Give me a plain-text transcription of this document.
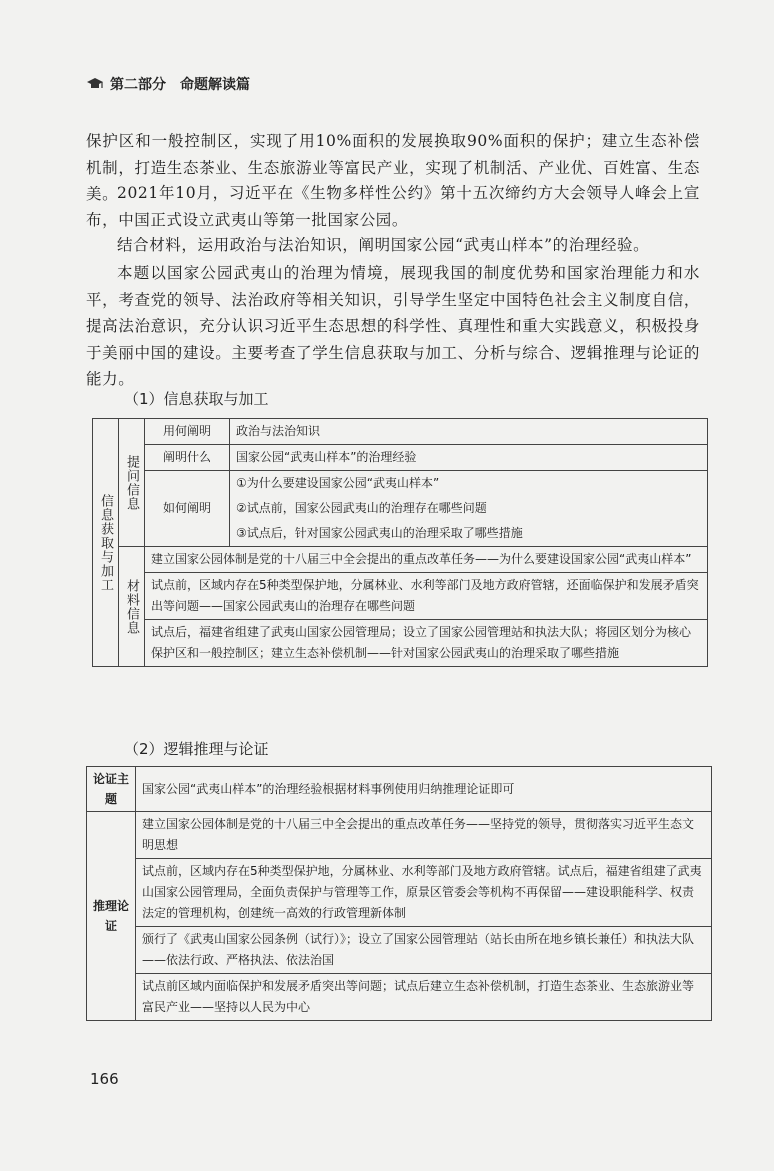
第二部分　命题解读篇

保护区和一般控制区，实现了用10%面积的发展换取90%面积的保护；建立生态补偿机制，打造生态茶业、生态旅游业等富民产业，实现了机制活、产业优、百姓富、生态美。

2021年10月，习近平在《生物多样性公约》第十五次缔约方大会领导人峰会上宣布，中国正式设立武夷山等第一批国家公园。

结合材料，运用政治与法治知识，阐明国家公园“武夷山样本”的治理经验。

本题以国家公园武夷山的治理为情境，展现我国的制度优势和国家治理能力和水平，考查党的领导、法治政府等相关知识，引导学生坚定中国特色社会主义制度自信，提高法治意识，充分认识习近平生态思想的科学性、真理性和重大实践意义，积极投身于美丽中国的建设。主要考查了学生信息获取与加工、分析与综合、逻辑推理与论证的能力。

（1）信息获取与加工
信息获取与加工	提问信息	用何阐明	政治与法治知识
		阐明什么	国家公园“武夷山样本”的治理经验
		如何阐明	①为什么要建设国家公园“武夷山样本”
			②试点前，国家公园武夷山的治理存在哪些问题
			③试点后，针对国家公园武夷山的治理采取了哪些措施
	材料信息	建立国家公园体制是党的十八届三中全会提出的重点改革任务——为什么要建设国家公园“武夷山样本”	
		试点前，区域内存在5种类型保护地，分属林业、水利等部门及地方政府管辖，还面临保护和发展矛盾突出等问题——国家公园武夷山的治理存在哪些问题	
		试点后，福建省组建了武夷山国家公园管理局；设立了国家公园管理站和执法大队；将园区划分为核心保护区和一般控制区；建立生态补偿机制——针对国家公园武夷山的治理采取了哪些措施	
（2）逻辑推理与论证
论证主题	国家公园“武夷山样本”的治理经验根据材料事例使用归纳推理论证即可
推理论证	建立国家公园体制是党的十八届三中全会提出的重点改革任务——坚持党的领导，贯彻落实习近平生态文明思想
	试点前，区域内存在5种类型保护地，分属林业、水利等部门及地方政府管辖。试点后，福建省组建了武夷山国家公园管理局，全面负责保护与管理等工作，原景区管委会等机构不再保留——建设职能科学、权责法定的管理机构，创建统一高效的行政管理新体制
	颁行了《武夷山国家公园条例（试行）》；设立了国家公园管理站（站长由所在地乡镇长兼任）和执法大队——依法行政、严格执法、依法治国
	试点前区域内面临保护和发展矛盾突出等问题；试点后建立生态补偿机制，打造生态茶业、生态旅游业等富民产业——坚持以人民为中心
166
